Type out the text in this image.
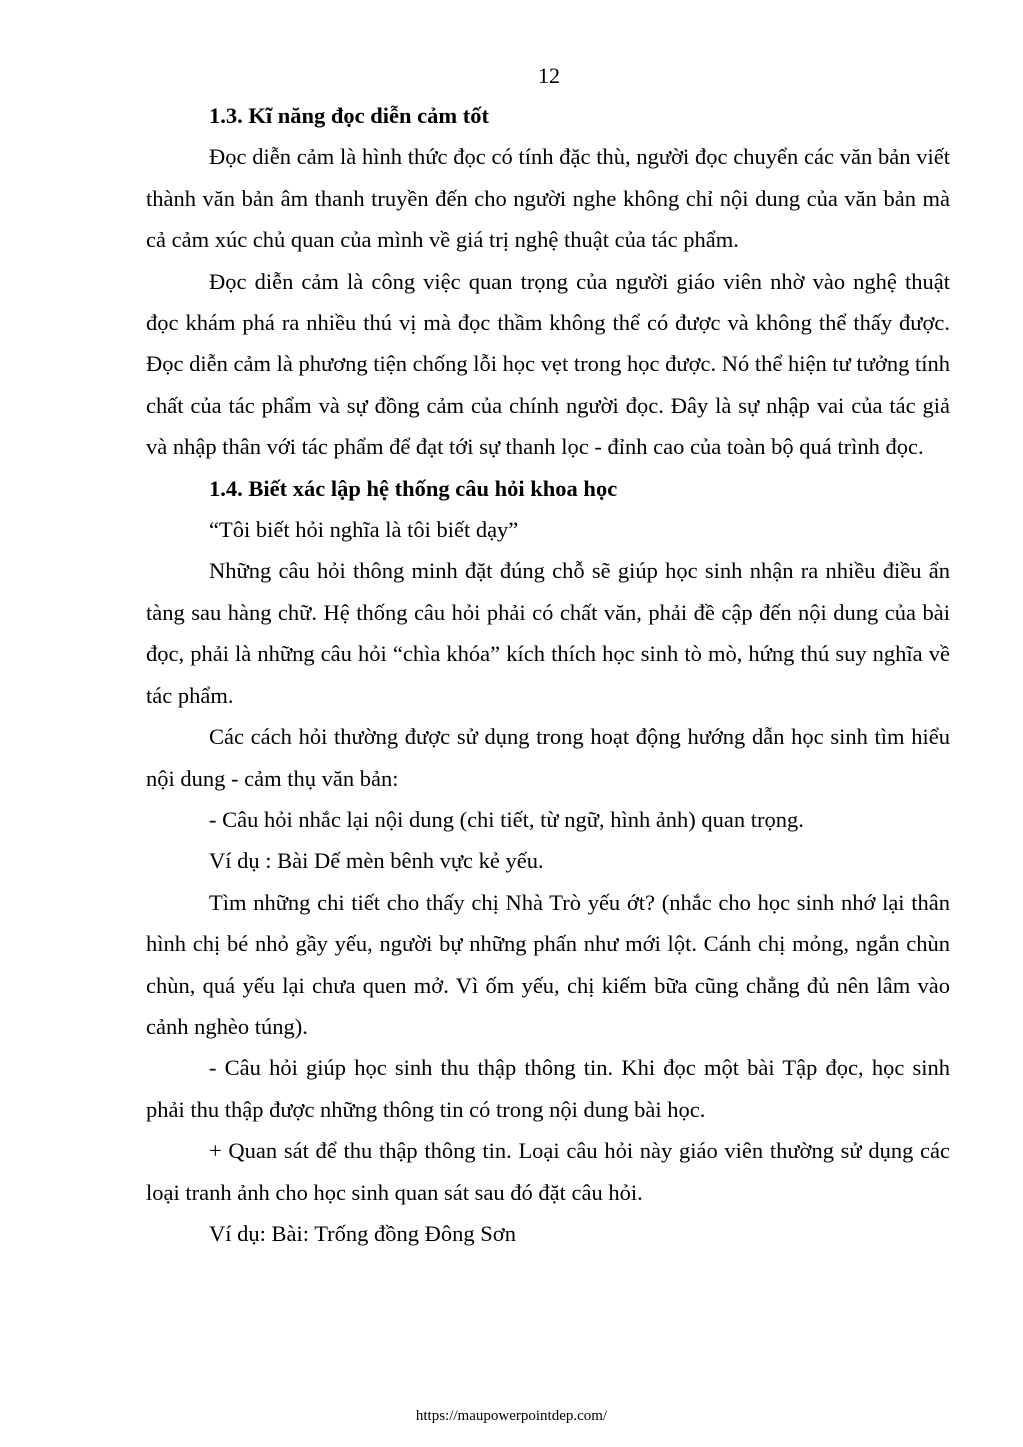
12

1.3. Kĩ năng đọc diễn cảm tốt

Đọc diễn cảm là hình thức đọc có tính đặc thù, người đọc chuyển các văn bản viết thành văn bản âm thanh truyền đến cho người nghe không chỉ nội dung của văn bản mà cả cảm xúc chủ quan của mình về giá trị nghệ thuật của tác phẩm.

Đọc diễn cảm là công việc quan trọng của người giáo viên nhờ vào nghệ thuật đọc khám phá ra nhiều thú vị mà đọc thầm không thể có được và không thể thấy được. Đọc diễn cảm là phương tiện chống lỗi học vẹt trong học được. Nó thể hiện tư tưởng tính chất của tác phẩm và sự đồng cảm của chính người đọc. Đây là sự nhập vai của tác giả và nhập thân với tác phẩm để đạt tới sự thanh lọc - đỉnh cao của toàn bộ quá trình đọc.

1.4. Biết xác lập hệ thống câu hỏi khoa học

“Tôi biết hỏi nghĩa là tôi biết dạy”

Những câu hỏi thông minh đặt đúng chỗ sẽ giúp học sinh nhận ra nhiều điều ẩn tàng sau hàng chữ. Hệ thống câu hỏi phải có chất văn, phải đề cập đến nội dung của bài đọc, phải là những câu hỏi “chìa khóa” kích thích học sinh tò mò, hứng thú suy nghĩa về tác phẩm.

Các cách hỏi thường được sử dụng trong hoạt động hướng dẫn học sinh tìm hiểu nội dung - cảm thụ văn bản:

- Câu hỏi nhắc lại nội dung (chi tiết, từ ngữ, hình ảnh) quan trọng.

Ví dụ : Bài Dế mèn bênh vực kẻ yếu.

Tìm những chi tiết cho thấy chị Nhà Trò yếu ớt? (nhắc cho học sinh nhớ lại thân hình chị bé nhỏ gầy yếu, người bự những phấn như mới lột. Cánh chị mỏng, ngắn chùn chùn, quá yếu lại chưa quen mở. Vì ốm yếu, chị kiếm bữa cũng chẳng đủ nên lâm vào cảnh nghèo túng).

- Câu hỏi giúp học sinh thu thập thông tin. Khi đọc một bài Tập đọc, học sinh phải thu thập được những thông tin có trong nội dung bài học.

+ Quan sát để thu thập thông tin. Loại câu hỏi này giáo viên thường sử dụng các loại tranh ảnh cho học sinh quan sát sau đó đặt câu hỏi.

Ví dụ: Bài: Trống đồng Đông Sơn

https://maupowerpointdep.com/
